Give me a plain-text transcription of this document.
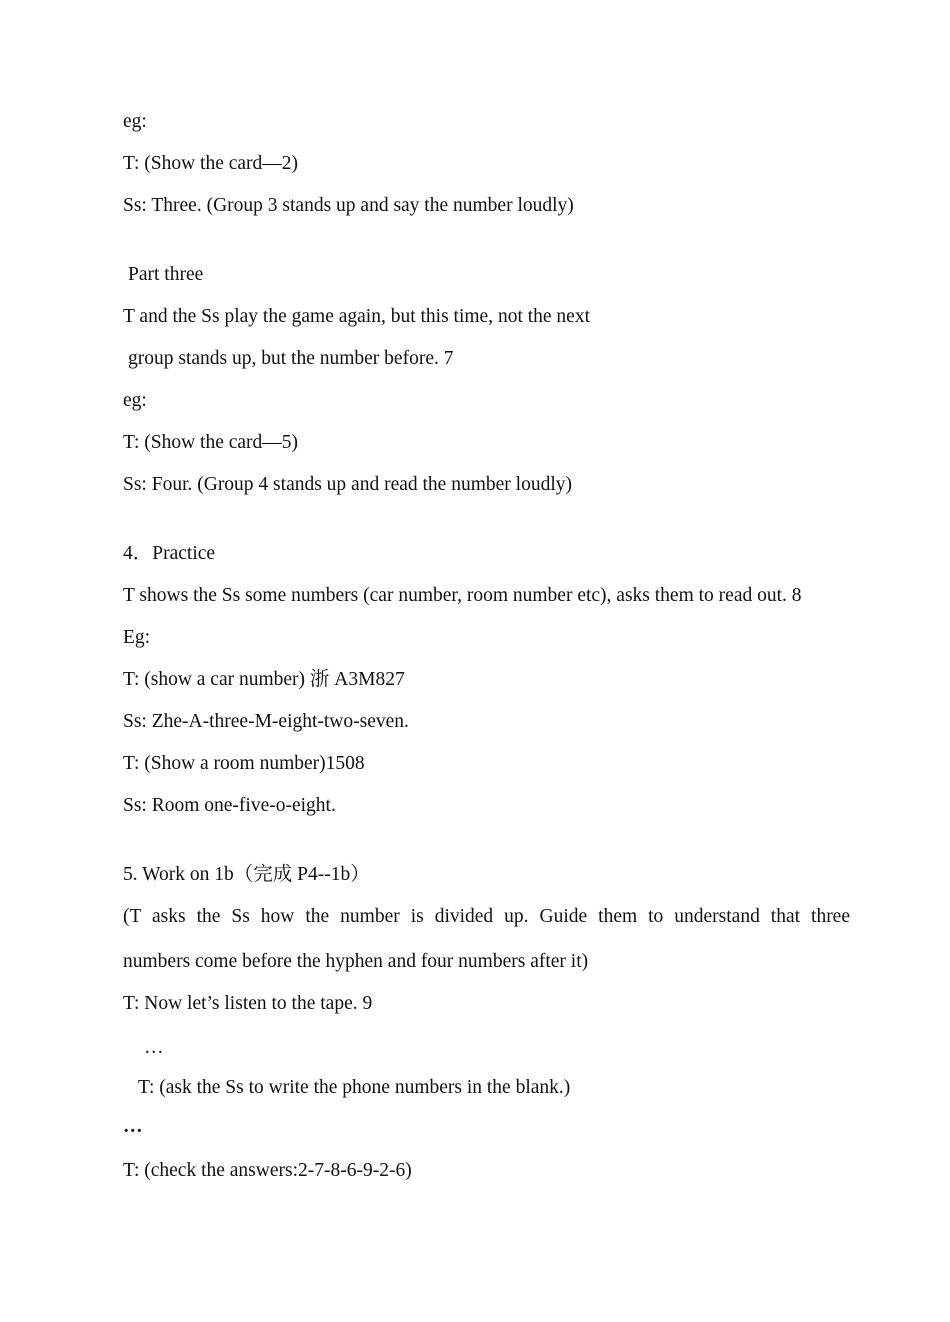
eg:
T: (Show the card—2)
Ss: Three. (Group 3 stands up and say the number loudly)
Part three
T and the Ss play the game again, but this time, not the next
group stands up, but the number before. 7
eg:
T: (Show the card—5)
Ss: Four. (Group 4 stands up and read the number loudly)
4．Practice
T shows the Ss some numbers (car number, room number etc), asks them to read out. 8
Eg:
T: (show a car number) 浙 A3M827
Ss: Zhe-A-three-M-eight-two-seven.
T: (Show a room number)1508
Ss: Room one-five-o-eight.
5. Work on 1b（完成 P4--1b）
(T asks the Ss how the number is divided up. Guide them to understand that three
numbers come before the hyphen and four numbers after it)
T: Now let’s listen to the tape. 9
…
T: (ask the Ss to write the phone numbers in the blank.)
…
T: (check the answers:2-7-8-6-9-2-6)
